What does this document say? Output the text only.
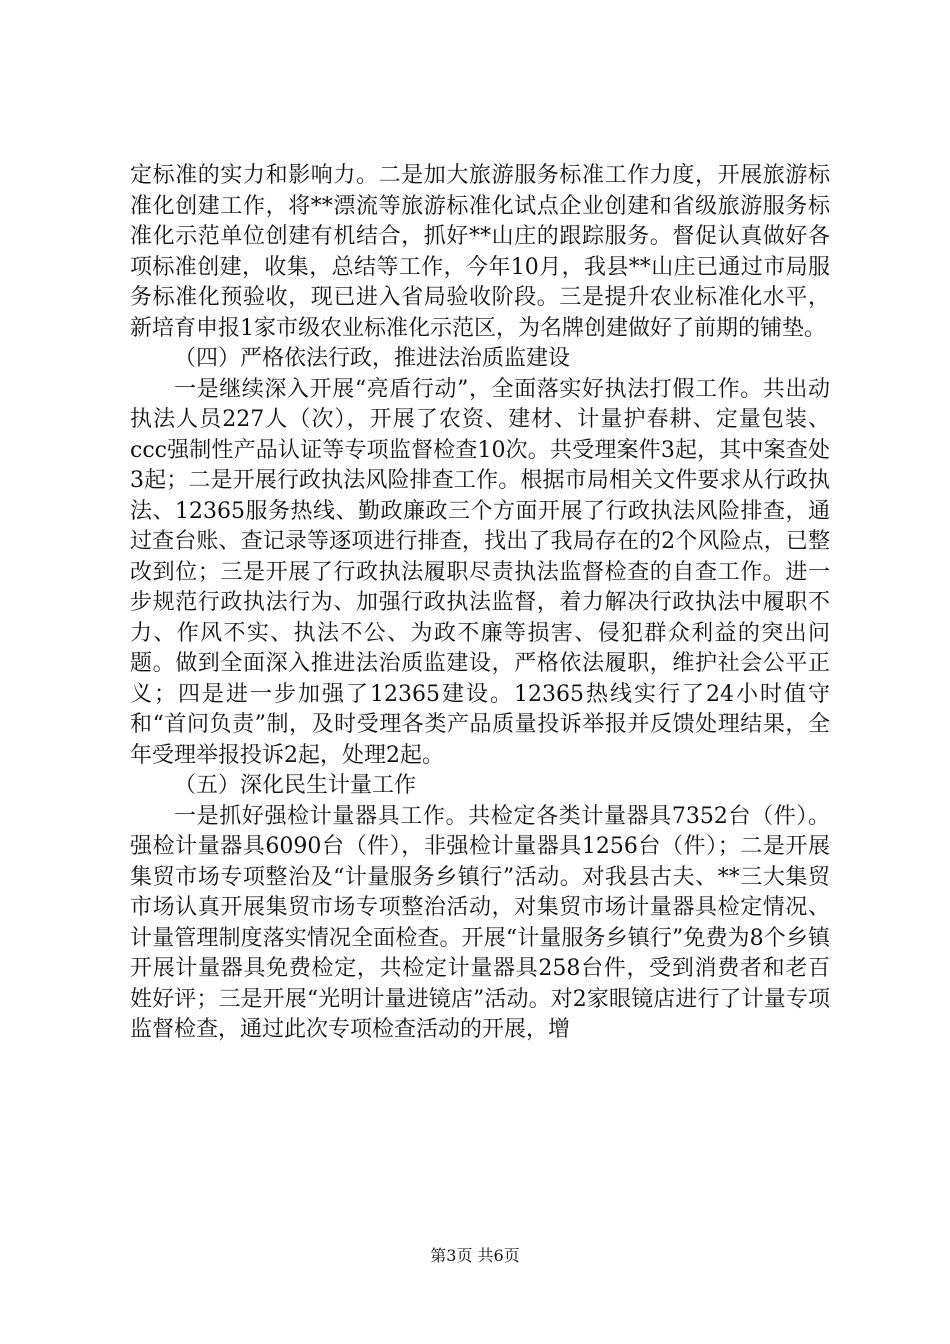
定标准的实力和影响力。二是加大旅游服务标准工作力度，开展旅游标准化创建工作，将**漂流等旅游标准化试点企业创建和省级旅游服务标准化示范单位创建有机结合，抓好**山庄的跟踪服务。督促认真做好各项标准创建，收集，总结等工作，今年10月，我县**山庄已通过市局服务标准化预验收，现已进入省局验收阶段。三是提升农业标准化水平，新培育申报1家市级农业标准化示范区，为名牌创建做好了前期的铺垫。

（四）严格依法行政，推进法治质监建设

一是继续深入开展“亮盾行动”，全面落实好执法打假工作。共出动执法人员227人（次），开展了农资、建材、计量护春耕、定量包装、ccc强制性产品认证等专项监督检查10次。共受理案件3起，其中案查处3起；二是开展行政执法风险排查工作。根据市局相关文件要求从行政执法、12365服务热线、勤政廉政三个方面开展了行政执法风险排查，通过查台账、查记录等逐项进行排查，找出了我局存在的2个风险点，已整改到位；三是开展了行政执法履职尽责执法监督检查的自查工作。进一步规范行政执法行为、加强行政执法监督，着力解决行政执法中履职不力、作风不实、执法不公、为政不廉等损害、侵犯群众利益的突出问题。做到全面深入推进法治质监建设，严格依法履职，维护社会公平正义；四是进一步加强了12365建设。12365热线实行了24小时值守和“首问负责”制，及时受理各类产品质量投诉举报并反馈处理结果，全年受理举报投诉2起，处理2起。

（五）深化民生计量工作

一是抓好强检计量器具工作。共检定各类计量器具7352台（件）。强检计量器具6090台（件），非强检计量器具1256台（件）；二是开展集贸市场专项整治及“计量服务乡镇行”活动。对我县古夫、**三大集贸市场认真开展集贸市场专项整治活动，对集贸市场计量器具检定情况、计量管理制度落实情况全面检查。开展“计量服务乡镇行”免费为8个乡镇开展计量器具免费检定，共检定计量器具258台件，受到消费者和老百姓好评；三是开展“光明计量进镜店”活动。对2家眼镜店进行了计量专项监督检查，通过此次专项检查活动的开展，增

第3页 共6页
